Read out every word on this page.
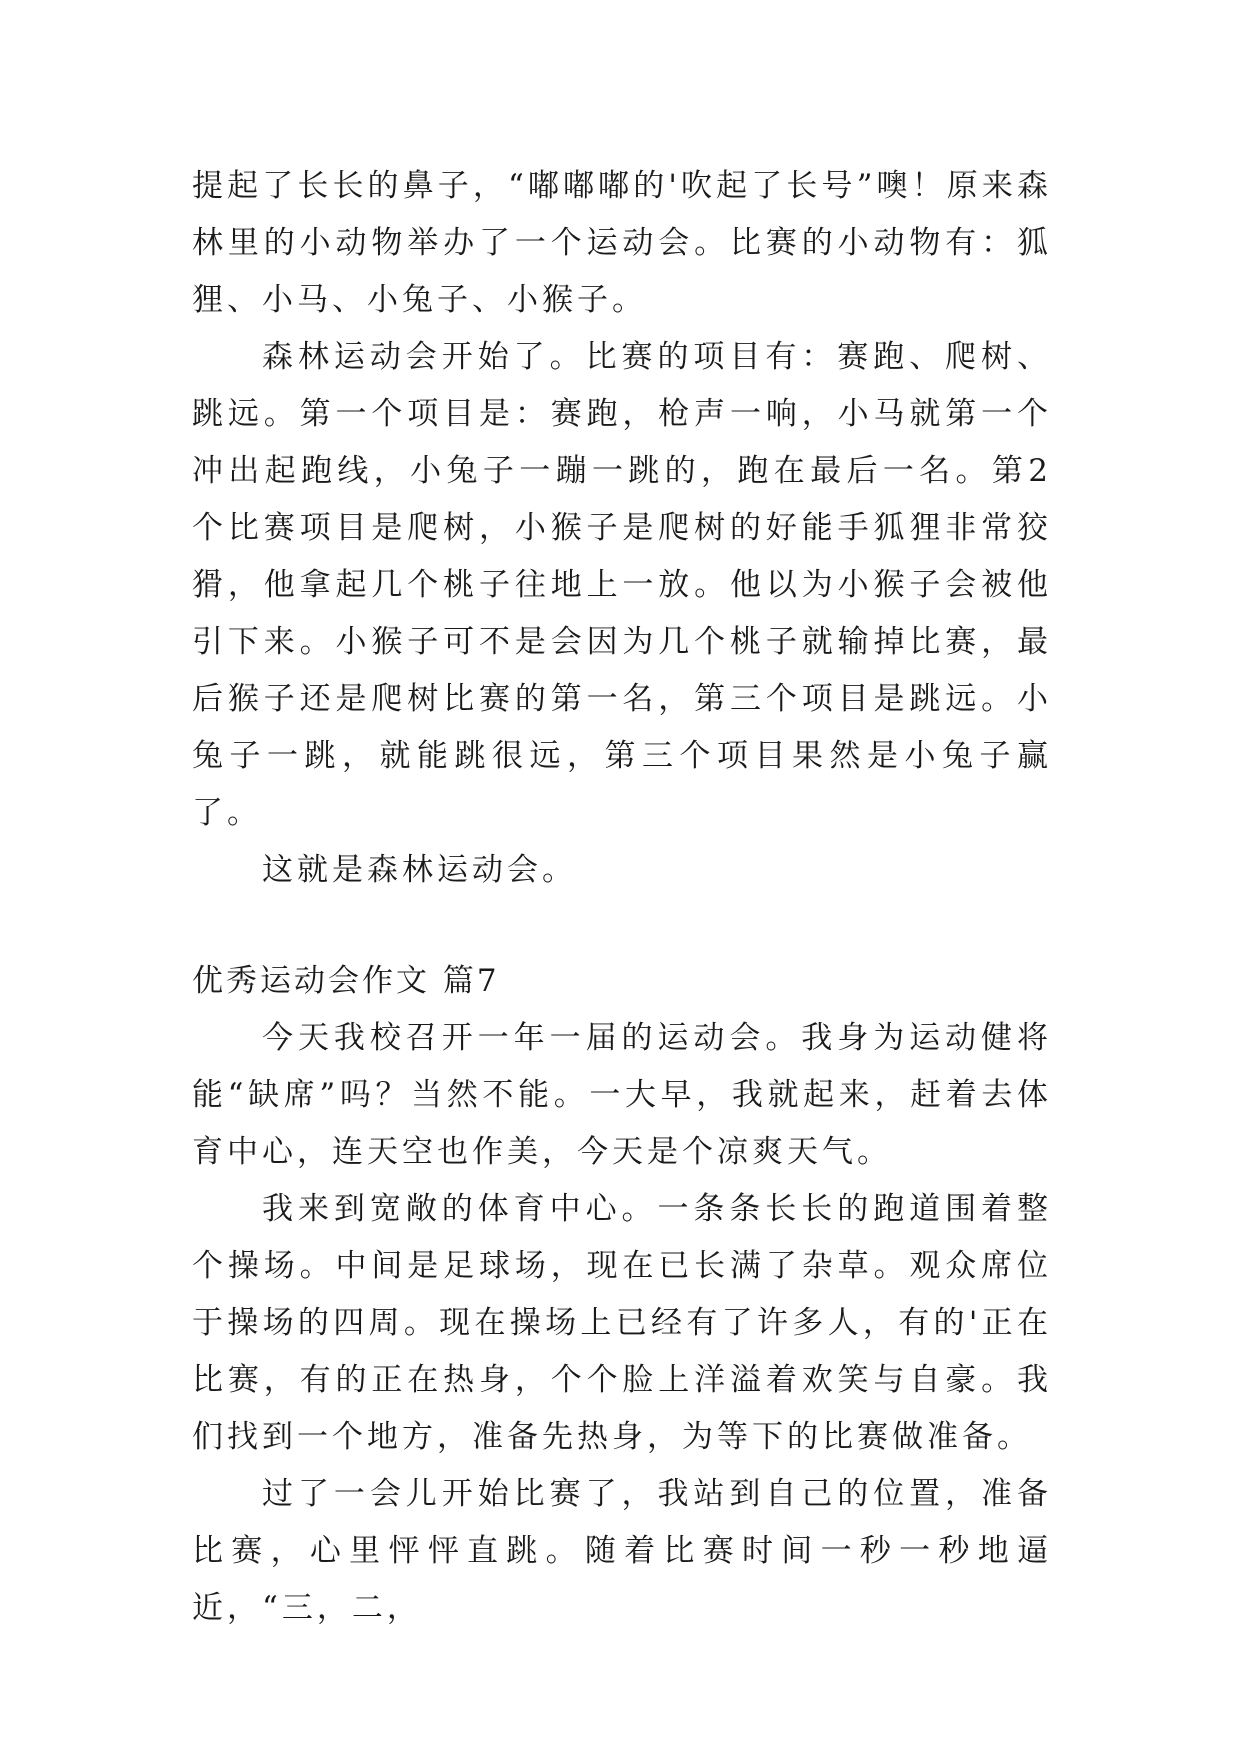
提起了长长的鼻子，“嘟嘟嘟的'吹起了长号”噢！原来森林里的小动物举办了一个运动会。比赛的小动物有：狐狸、小马、小兔子、小猴子。

森林运动会开始了。比赛的项目有：赛跑、爬树、跳远。第一个项目是：赛跑，枪声一响，小马就第一个冲出起跑线，小兔子一蹦一跳的，跑在最后一名。第2个比赛项目是爬树，小猴子是爬树的好能手狐狸非常狡猾，他拿起几个桃子往地上一放。他以为小猴子会被他引下来。小猴子可不是会因为几个桃子就输掉比赛，最后猴子还是爬树比赛的第一名，第三个项目是跳远。小兔子一跳，就能跳很远，第三个项目果然是小兔子赢了。

这就是森林运动会。

优秀运动会作文 篇7

今天我校召开一年一届的运动会。我身为运动健将能“缺席”吗？当然不能。一大早，我就起来，赶着去体育中心，连天空也作美，今天是个凉爽天气。

我来到宽敞的体育中心。一条条长长的跑道围着整个操场。中间是足球场，现在已长满了杂草。观众席位于操场的四周。现在操场上已经有了许多人，有的'正在比赛，有的正在热身，个个脸上洋溢着欢笑与自豪。我们找到一个地方，准备先热身，为等下的比赛做准备。

过了一会儿开始比赛了，我站到自己的位置，准备比赛，心里怦怦直跳。随着比赛时间一秒一秒地逼近，“三，二，
